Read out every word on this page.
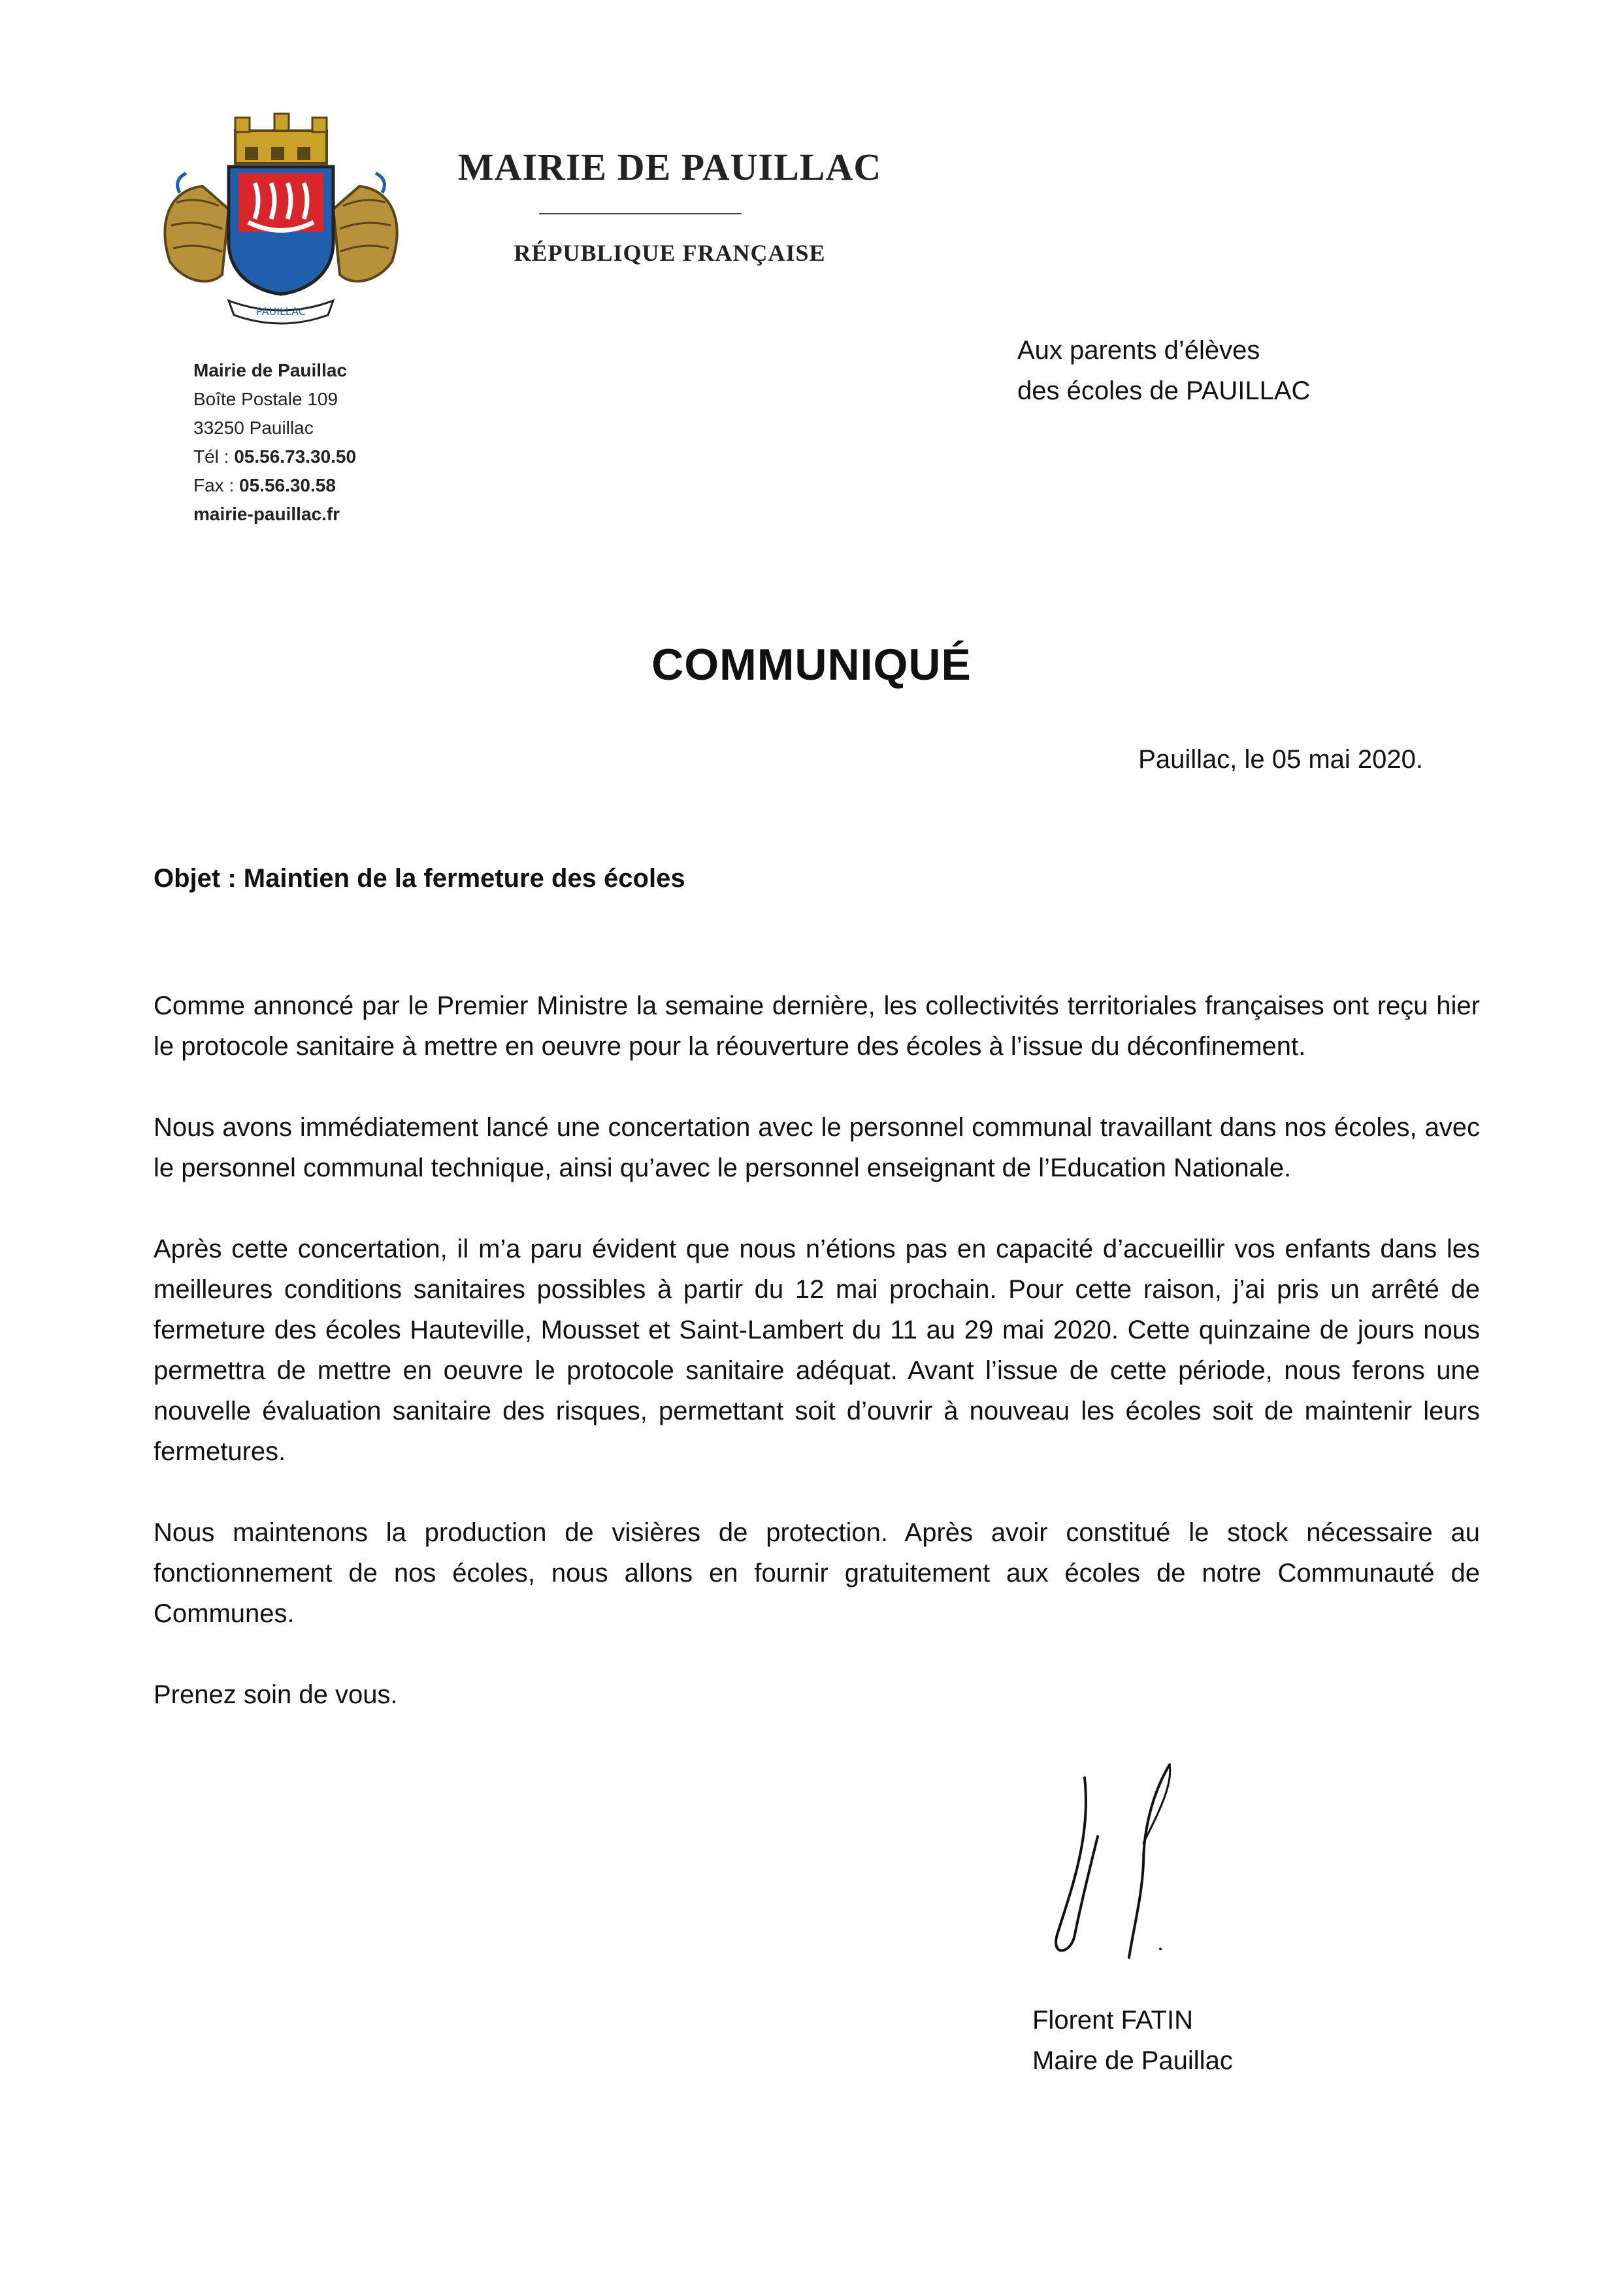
PAUILLAC
MAIRIE DE PAUILLAC
RÉPUBLIQUE FRANÇAISE
Mairie de Pauillac
Boîte Postale 109
33250 Pauillac
Tél : 05.56.73.30.50
Fax : 05.56.30.58
mairie-pauillac.fr
Aux parents d’élèves
des écoles de PAUILLAC
COMMUNIQUÉ
Pauillac, le 05 mai 2020.
Objet : Maintien de la fermeture des écoles

Comme annoncé par le Premier Ministre la semaine dernière, les collectivités territoriales françaises ont reçu hier le protocole sanitaire à mettre en oeuvre pour la réouverture des écoles à l’issue du déconfinement.

Nous avons immédiatement lancé une concertation avec le personnel communal travaillant dans nos écoles, avec le personnel communal technique, ainsi qu’avec le personnel enseignant de l’Education Nationale.

Après cette concertation, il m’a paru évident que nous n’étions pas en capacité d’accueillir vos enfants dans les meilleures conditions sanitaires possibles à partir du 12 mai prochain. Pour cette raison, j’ai pris un arrêté de fermeture des écoles Hauteville, Mousset et Saint-Lambert du 11 au 29 mai 2020. Cette quinzaine de jours nous permettra de mettre en oeuvre le protocole sanitaire adéquat. Avant l’issue de cette période, nous ferons une nouvelle évaluation sanitaire des risques, permettant soit d’ouvrir à nouveau les écoles soit de maintenir leurs fermetures.

Nous maintenons la production de visières de protection. Après avoir constitué le stock nécessaire au fonctionnement de nos écoles, nous allons en fournir gratuitement aux écoles de notre Communauté de Communes.

Prenez soin de vous.

Florent FATIN
Maire de Pauillac
